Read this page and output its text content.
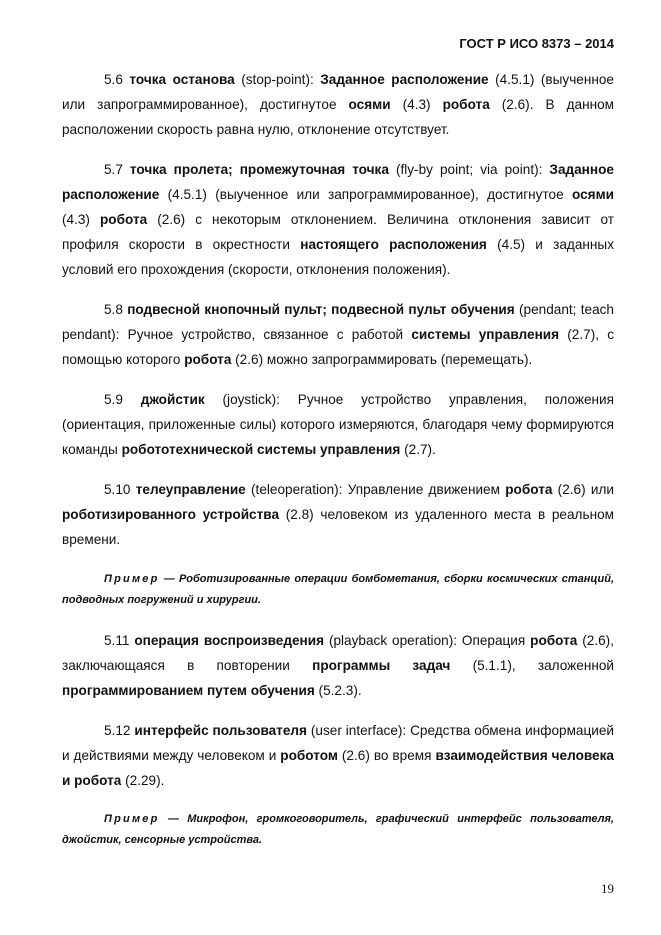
ГОСТ Р ИСО 8373 – 2014

5.6 точка останова (stop-point): Заданное расположение (4.5.1) (выученное или запрограммированное), достигнутое осями (4.3) робота (2.6). В данном расположении скорость равна нулю, отклонение отсутствует.

5.7 точка пролета; промежуточная точка (fly-by point; via point): Заданное расположение (4.5.1) (выученное или запрограммированное), достигнутое осями (4.3) робота (2.6) с некоторым отклонением. Величина отклонения зависит от профиля скорости в окрестности настоящего расположения (4.5) и заданных условий его прохождения (скорости, отклонения положения).

5.8 подвесной кнопочный пульт; подвесной пульт обучения (pendant; teach pendant): Ручное устройство, связанное с работой системы управления (2.7), с помощью которого робота (2.6) можно запрограммировать (перемещать).

5.9 джойстик (joystick): Ручное устройство управления, положения (ориентация, приложенные силы) которого измеряются, благодаря чему формируются команды робототехнической системы управления (2.7).

5.10 телеуправление (teleoperation): Управление движением робота (2.6) или роботизированного устройства (2.8) человеком из удаленного места в реальном времени.

Пример — Роботизированные операции бомбометания, сборки космических станций, подводных погружений и хирургии.

5.11 операция воспроизведения (playback operation): Операция робота (2.6), заключающаяся в повторении программы задач (5.1.1), заложенной программированием путем обучения (5.2.3).

5.12 интерфейс пользователя (user interface): Средства обмена информацией и действиями между человеком и роботом (2.6) во время взаимодействия человека и робота (2.29).

Пример — Микрофон, громкоговоритель, графический интерфейс пользователя, джойстик, сенсорные устройства.

19
